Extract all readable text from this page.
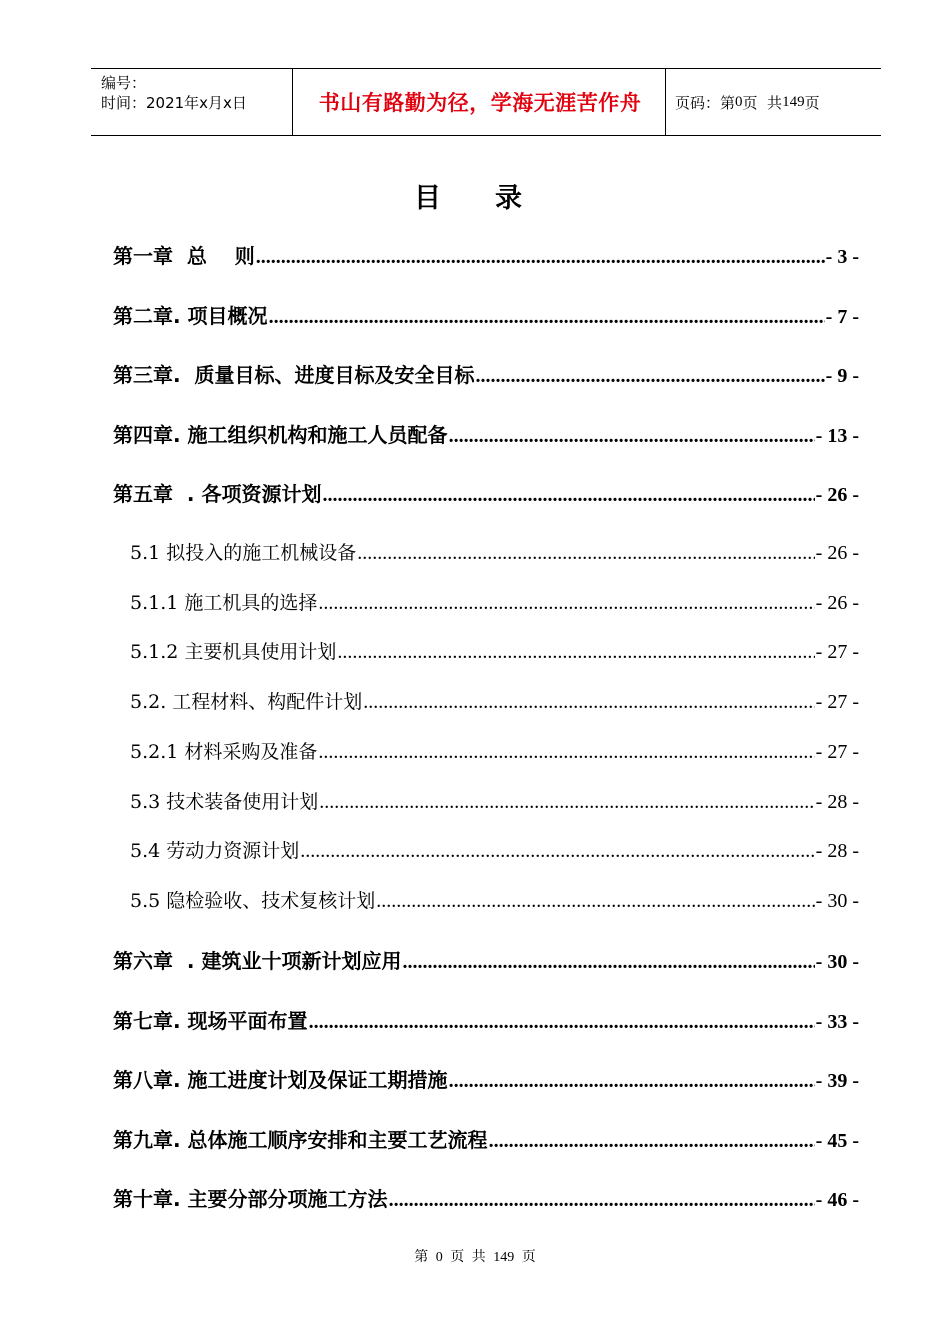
编号：
时间：2021年x月x日	书山有路勤为径，学海无涯苦作舟	页码：第 0 页  共 149 页
目录
第一章  总    则 .....	- 3 -
第二章. 项目概况 .....	- 7 -
第三章.  质量目标、进度目标及安全目标 .....	- 9 -
第四章. 施工组织机构和施工人员配备 .....	- 13 -
第五章  . 各项资源计划 .....	- 26 -
5.1 拟投入的施工机械设备 .....	- 26 -
5.1.1 施工机具的选择 .....	- 26 -
5.1.2 主要机具使用计划 .....	- 27 -
5.2. 工程材料、构配件计划 .....	- 27 -
5.2.1 材料采购及准备 .....	- 27 -
5.3 技术装备使用计划 .....	- 28 -
5.4 劳动力资源计划 .....	- 28 -
5.5 隐检验收、技术复核计划 .....	- 30 -
第六章  . 建筑业十项新计划应用 .....	- 30 -
第七章. 现场平面布置 .....	- 33 -
第八章. 施工进度计划及保证工期措施 .....	- 39 -
第九章. 总体施工顺序安排和主要工艺流程 .....	- 45 -
第十章. 主要分部分项施工方法 .....	- 46 -
第 0 页 共 149 页
